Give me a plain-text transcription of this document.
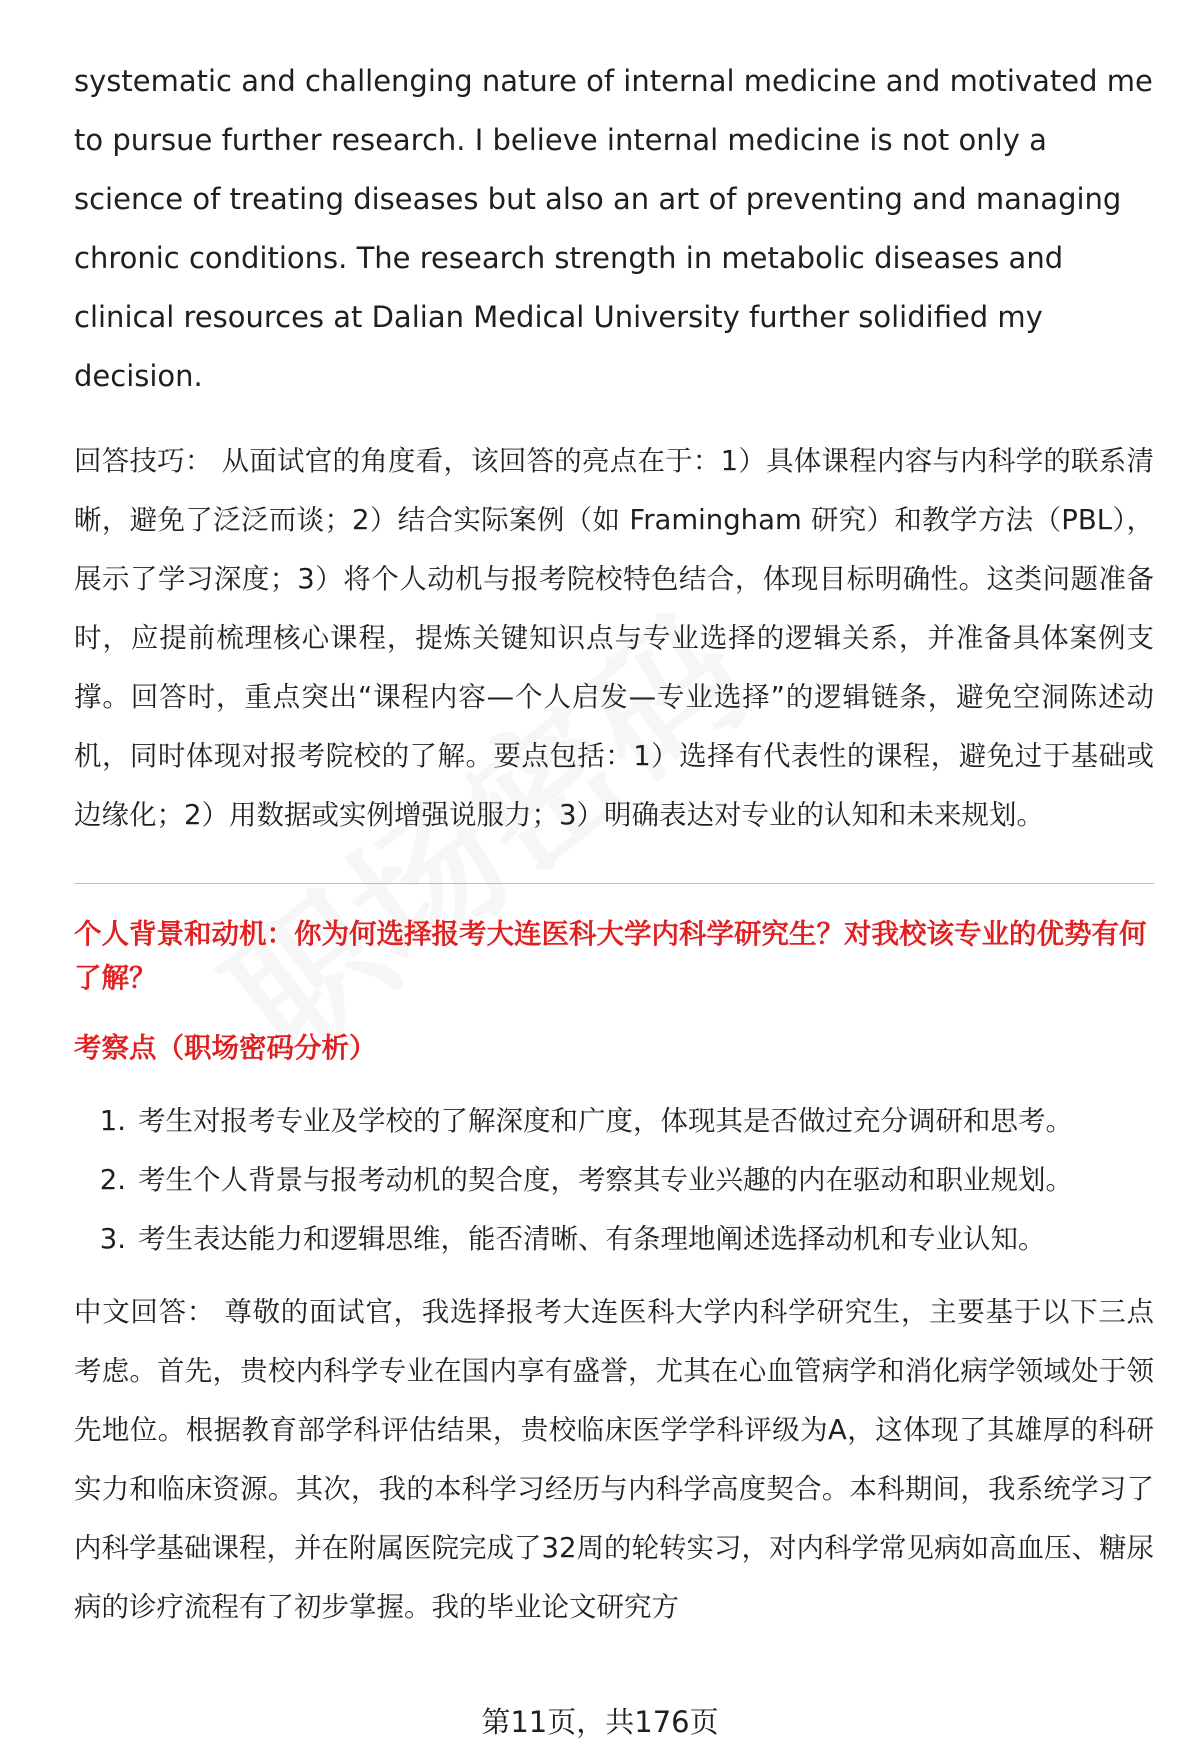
systematic and challenging nature of internal medicine and motivated me to pursue further research. I believe internal medicine is not only a science of treating diseases but also an art of preventing and managing chronic conditions. The research strength in metabolic diseases and clinical resources at Dalian Medical University further solidified my decision.

回答技巧： 从面试官的角度看，该回答的亮点在于：1）具体课程内容与内科学的联系清晰，避免了泛泛而谈；2）结合实际案例（如 Framingham 研究）和教学方法（PBL），展示了学习深度；3）将个人动机与报考院校特色结合，体现目标明确性。这类问题准备时，应提前梳理核心课程，提炼关键知识点与专业选择的逻辑关系，并准备具体案例支撑。回答时，重点突出“课程内容—个人启发—专业选择”的逻辑链条，避免空洞陈述动机，同时体现对报考院校的了解。要点包括：1）选择有代表性的课程，避免过于基础或边缘化；2）用数据或实例增强说服力；3）明确表达对专业的认知和未来规划。

个人背景和动机：你为何选择报考大连医科大学内科学研究生？对我校该专业的优势有何了解？

考察点（职场密码分析）

1. 考生对报考专业及学校的了解深度和广度，体现其是否做过充分调研和思考。
2. 考生个人背景与报考动机的契合度，考察其专业兴趣的内在驱动和职业规划。
3. 考生表达能力和逻辑思维，能否清晰、有条理地阐述选择动机和专业认知。

中文回答： 尊敬的面试官，我选择报考大连医科大学内科学研究生，主要基于以下三点考虑。首先，贵校内科学专业在国内享有盛誉，尤其在心血管病学和消化病学领域处于领先地位。根据教育部学科评估结果，贵校临床医学学科评级为A，这体现了其雄厚的科研实力和临床资源。其次，我的本科学习经历与内科学高度契合。本科期间，我系统学习了内科学基础课程，并在附属医院完成了32周的轮转实习，对内科学常见病如高血压、糖尿病的诊疗流程有了初步掌握。我的毕业论文研究方

第11页，共176页
